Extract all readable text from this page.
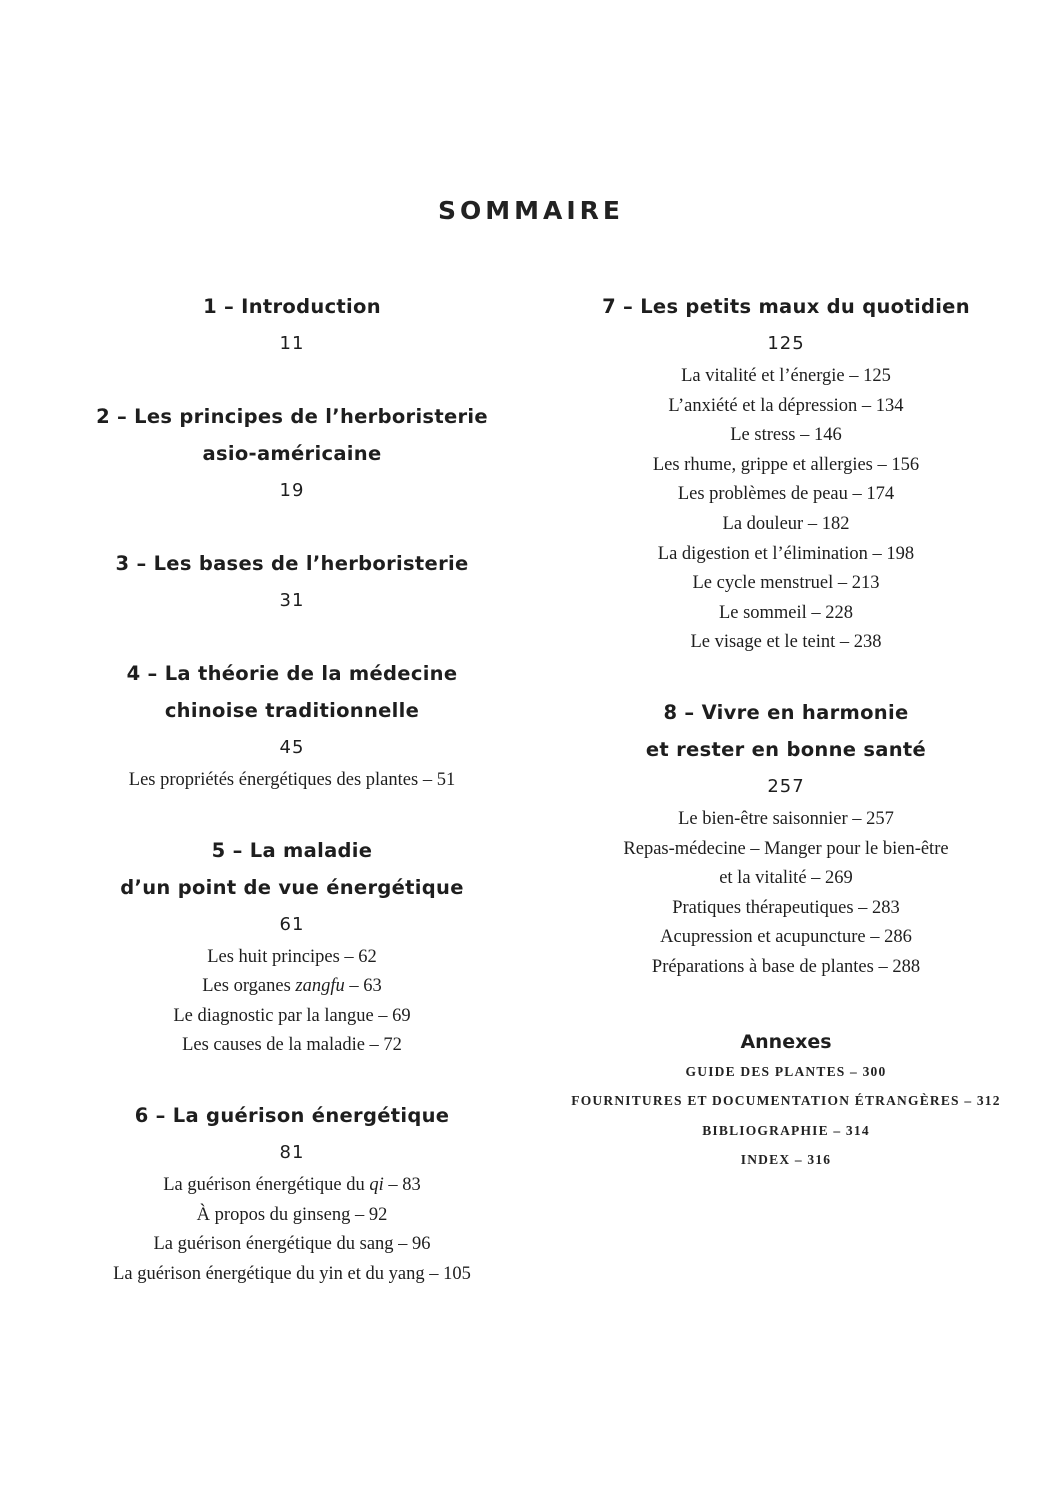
SOMMAIRE
1 – Introduction
11
2 – Les principes de l’herboristerie
asio-américaine
19
3 – Les bases de l’herboristerie
31
4 – La théorie de la médecine
chinoise traditionnelle
45
Les propriétés énergétiques des plantes – 51
5 – La maladie
d’un point de vue énergétique
61
Les huit principes – 62
Les organes zangfu – 63
Le diagnostic par la langue – 69
Les causes de la maladie – 72
6 – La guérison énergétique
81
La guérison énergétique du qi – 83
À propos du ginseng – 92
La guérison énergétique du sang – 96
La guérison énergétique du yin et du yang – 105
7 – Les petits maux du quotidien
125
La vitalité et l’énergie – 125
L’anxiété et la dépression – 134
Le stress – 146
Les rhume, grippe et allergies – 156
Les problèmes de peau – 174
La douleur – 182
La digestion et l’élimination – 198
Le cycle menstruel – 213
Le sommeil – 228
Le visage et le teint – 238
8 – Vivre en harmonie
et rester en bonne santé
257
Le bien-être saisonnier – 257
Repas-médecine – Manger pour le bien-être
et la vitalité – 269
Pratiques thérapeutiques – 283
Acupression et acupuncture – 286
Préparations à base de plantes – 288
Annexes
GUIDE DES PLANTES – 300
FOURNITURES ET DOCUMENTATION ÉTRANGÈRES – 312
BIBLIOGRAPHIE – 314
INDEX – 316
